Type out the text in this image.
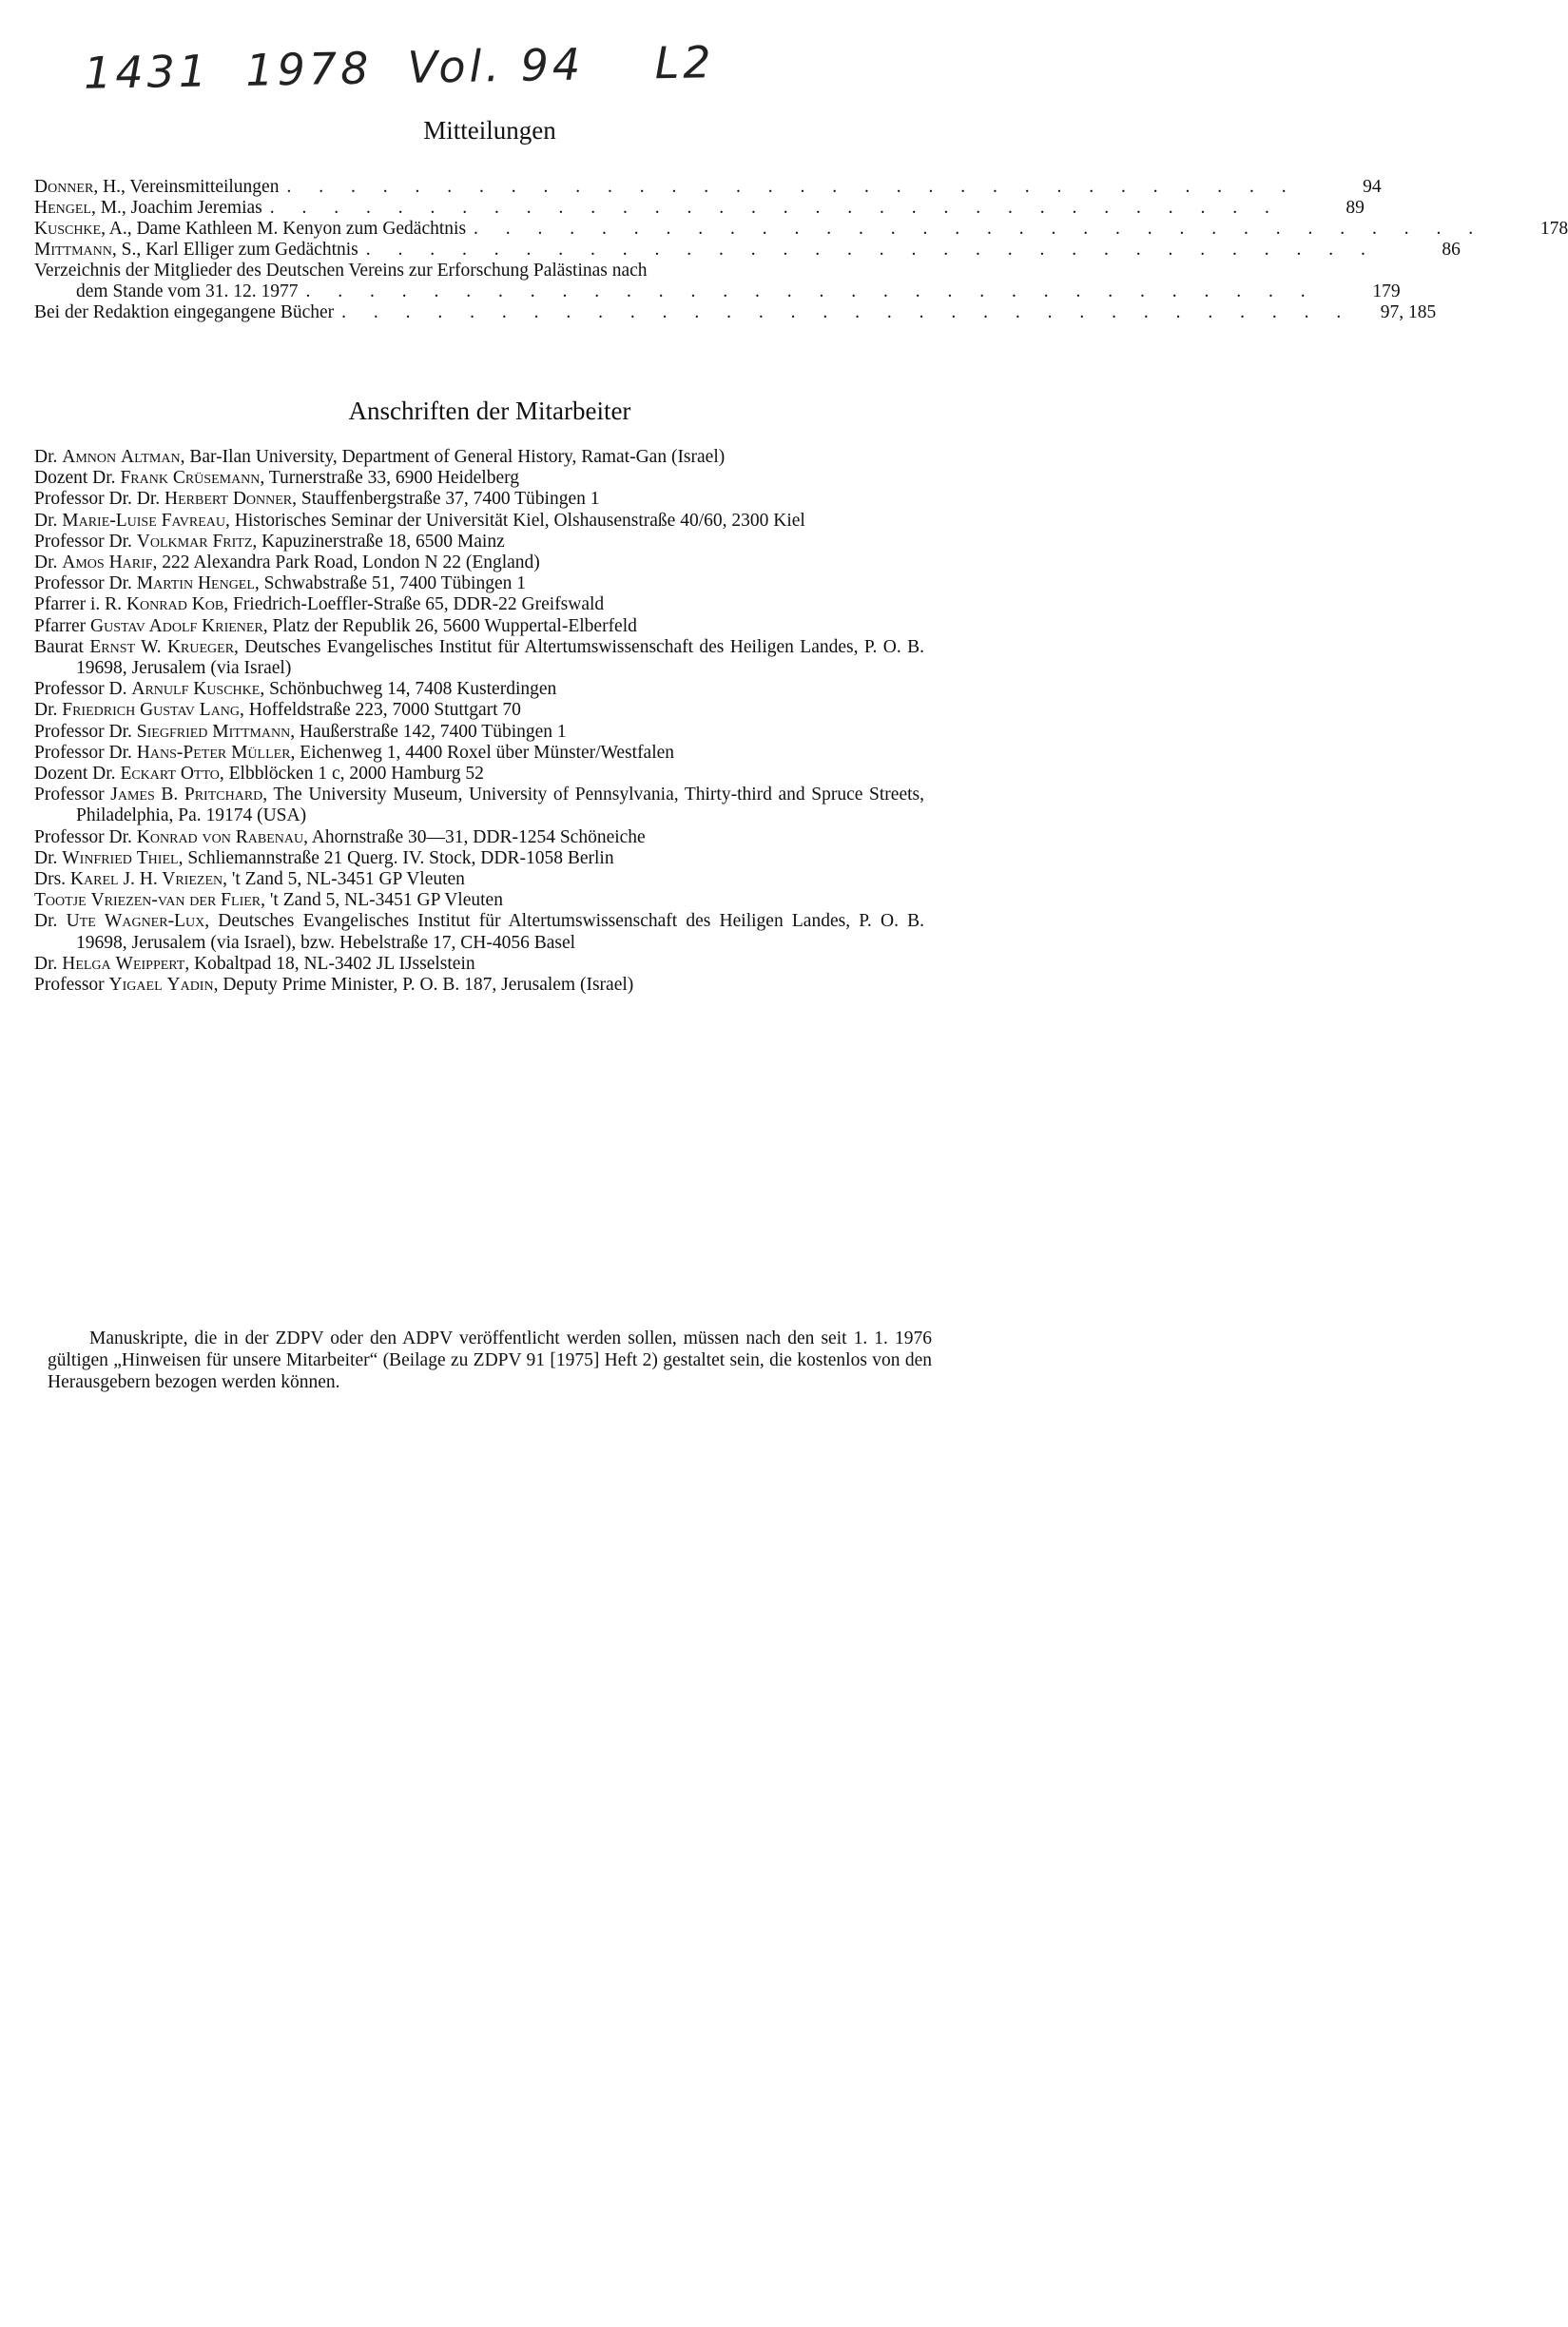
1431  1978  Vol. 94    L2
Mitteilungen
Donner, H., Vereinsmitteilungen . . . . . . . . . . . . . . . . . . . . . . . . . . . . . . . .	94
Hengel, M., Joachim Jeremias . . . . . . . . . . . . . . . . . . . . . . . . . . . . . . . .	89
Kuschke, A., Dame Kathleen M. Kenyon zum Gedächtnis . . . . . . . . . . . . . . . . . . . . . . . . . . . . . . . .	178
Mittmann, S., Karl Elliger zum Gedächtnis . . . . . . . . . . . . . . . . . . . . . . . . . . . . . . . .	86
Verzeichnis der Mitglieder des Deutschen Vereins zur Erforschung Palästinas nach
dem Stande vom 31. 12. 1977 . . . . . . . . . . . . . . . . . . . . . . . . . . . . . . . .	179
Bei der Redaktion eingegangene Bücher . . . . . . . . . . . . . . . . . . . . . . . . . . . . . . . .	97, 185
Anschriften der Mitarbeiter
Dr. Amnon Altman, Bar-Ilan University, Department of General History, Ramat-Gan (Israel)
Dozent Dr. Frank Crüsemann, Turnerstraße 33, 6900 Heidelberg
Professor Dr. Dr. Herbert Donner, Stauffenbergstraße 37, 7400 Tübingen 1
Dr. Marie-Luise Favreau, Historisches Seminar der Universität Kiel, Olshausenstraße 40/60, 2300 Kiel
Professor Dr. Volkmar Fritz, Kapuzinerstraße 18, 6500 Mainz
Dr. Amos Harif, 222 Alexandra Park Road, London N 22 (England)
Professor Dr. Martin Hengel, Schwabstraße 51, 7400 Tübingen 1
Pfarrer i. R. Konrad Kob, Friedrich-Loeffler-Straße 65, DDR-22 Greifswald
Pfarrer Gustav Adolf Kriener, Platz der Republik 26, 5600 Wuppertal-Elberfeld
Baurat Ernst W. Krueger, Deutsches Evangelisches Institut für Altertumswissenschaft des Heiligen Landes, P. O. B. 19698, Jerusalem (via Israel)
Professor D. Arnulf Kuschke, Schönbuchweg 14, 7408 Kusterdingen
Dr. Friedrich Gustav Lang, Hoffeldstraße 223, 7000 Stuttgart 70
Professor Dr. Siegfried Mittmann, Haußerstraße 142, 7400 Tübingen 1
Professor Dr. Hans-Peter Müller, Eichenweg 1, 4400 Roxel über Münster/Westfalen
Dozent Dr. Eckart Otto, Elbblöcken 1 c, 2000 Hamburg 52
Professor James B. Pritchard, The University Museum, University of Pennsylvania, Thirty-third and Spruce Streets, Philadelphia, Pa. 19174 (USA)
Professor Dr. Konrad von Rabenau, Ahornstraße 30—31, DDR-1254 Schöneiche
Dr. Winfried Thiel, Schliemannstraße 21 Querg. IV. Stock, DDR-1058 Berlin
Drs. Karel J. H. Vriezen, 't Zand 5, NL-3451 GP Vleuten
Tootje Vriezen-van der Flier, 't Zand 5, NL-3451 GP Vleuten
Dr. Ute Wagner-Lux, Deutsches Evangelisches Institut für Altertumswissenschaft des Heiligen Landes, P. O. B. 19698, Jerusalem (via Israel), bzw. Hebelstraße 17, CH-4056 Basel
Dr. Helga Weippert, Kobaltpad 18, NL-3402 JL IJsselstein
Professor Yigael Yadin, Deputy Prime Minister, P. O. B. 187, Jerusalem (Israel)
Manuskripte, die in der ZDPV oder den ADPV veröffentlicht werden sollen, müssen nach den seit 1. 1. 1976 gültigen „Hinweisen für unsere Mitarbeiter“ (Beilage zu ZDPV 91 [1975] Heft 2) gestaltet sein, die kostenlos von den Herausgebern bezogen werden können.
